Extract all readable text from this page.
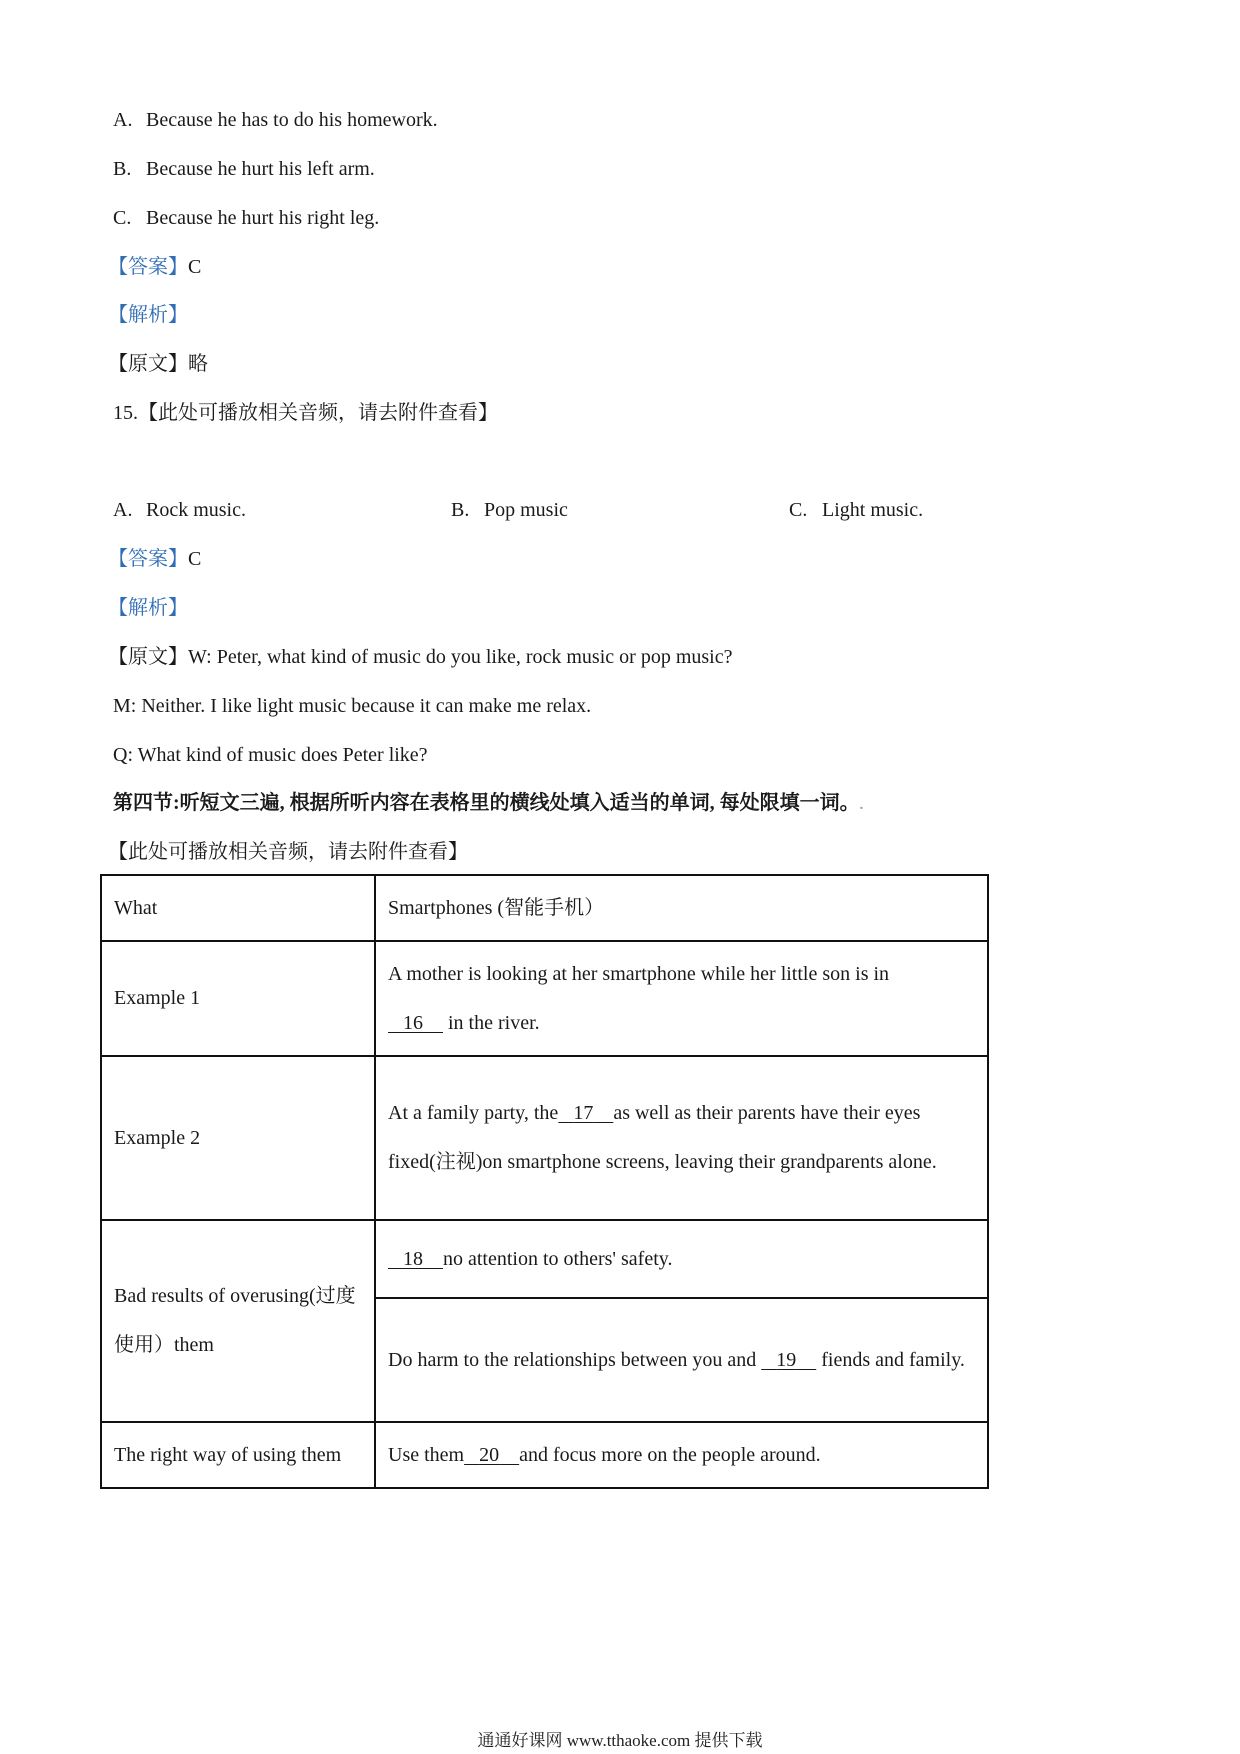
A. Because he has to do his homework.
B. Because he hurt his left arm.
C. Because he hurt his right leg.
【答案】C
【解析】
【原文】略
15.【此处可播放相关音频，请去附件查看】
A. Rock music.	B. Pop music	C. Light music.
【答案】C
【解析】
【原文】W: Peter, what kind of music do you like, rock music or pop music?
M: Neither. I like light music because it can make me relax.
Q: What kind of music does Peter like?
第四节:听短文三遍, 根据所听内容在表格里的横线处填入适当的单词, 每处限填一词。.
【此处可播放相关音频，请去附件查看】
What	Smartphones (智能手机）
Example 1	A mother is looking at her smartphone while her little son is in
16 in the river.
Example 2	At a family party, the 17 as well as their parents have their eyes fixed(注视)on smartphone screens, leaving their grandparents alone.
Bad results of overusing(过度使用）them	18 no attention to others' safety.
	Do harm to the relationships between you and 19 fiends and family.
The right way of using them	Use them 20 and focus more on the people around.
通通好课网 www.tthaoke.com 提供下载
